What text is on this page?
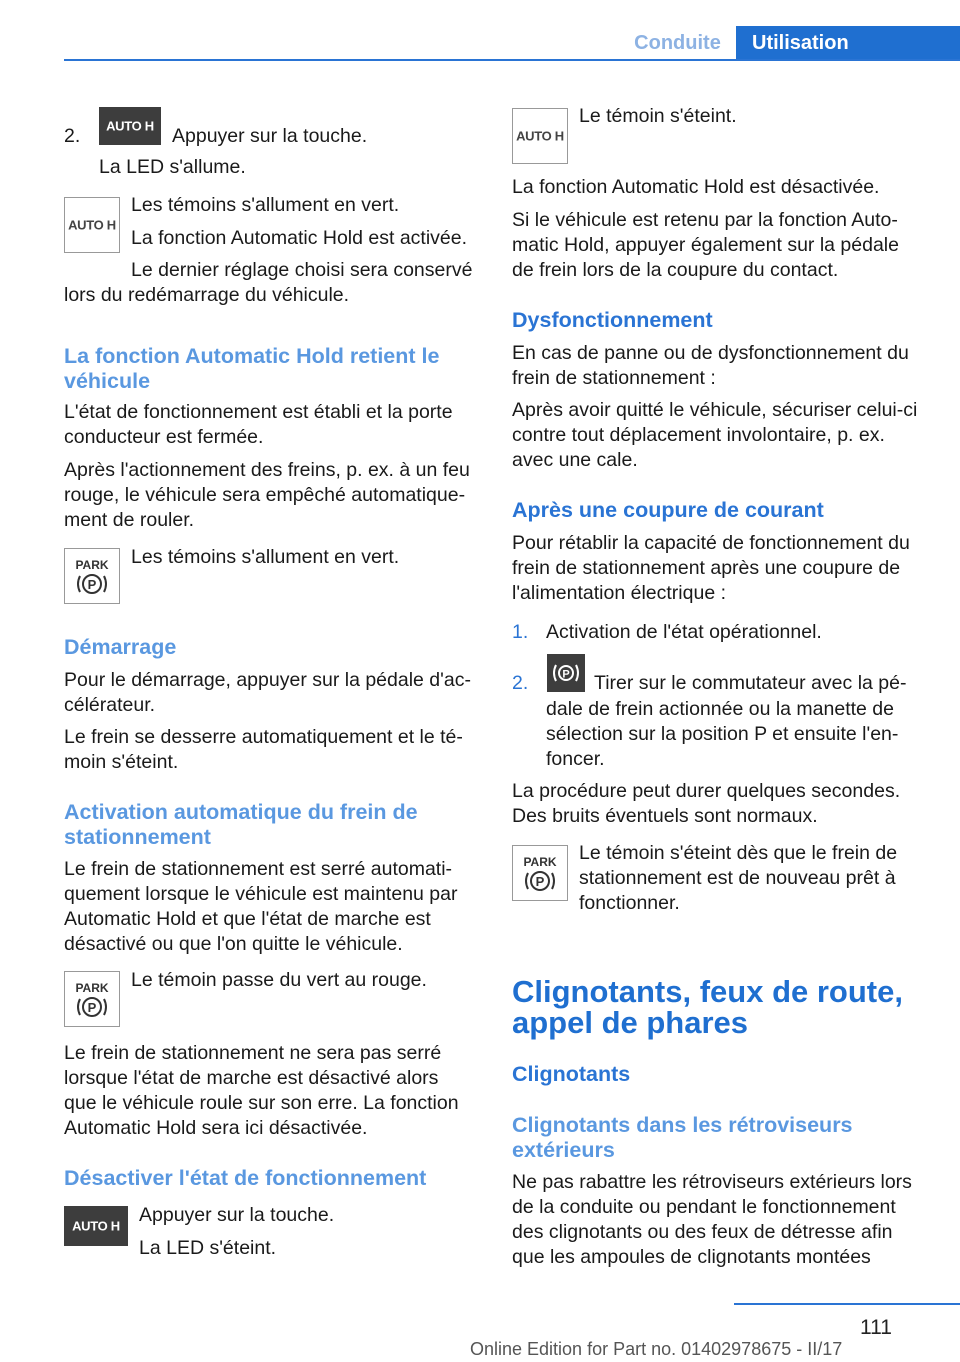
Conduite	Utilisation
2.	AUTO H Appuyer sur la touche.
La LED s'allume.
AUTO H
Les témoins s'allument en vert.
La fonction Automatic Hold est activée.
Le dernier réglage choisi sera conservé
lors du redémarrage du véhicule.
La fonction Automatic Hold retient le
véhicule
L'état de fonctionnement est établi et la porte
conducteur est fermée.
Après l'actionnement des freins, p. ex. à un feu
rouge, le véhicule sera empêché automatique‐
ment de rouler.
PARK
P
Les témoins s'allument en vert.
Démarrage
Pour le démarrage, appuyer sur la pédale d'ac‐
célérateur.
Le frein se desserre automatiquement et le té‐
moin s'éteint.
Activation automatique du frein de
stationnement
Le frein de stationnement est serré automati‐
quement lorsque le véhicule est maintenu par
Automatic Hold et que l'état de marche est
désactivé ou que l'on quitte le véhicule.
PARK
P
Le témoin passe du vert au rouge.
Le frein de stationnement ne sera pas serré
lorsque l'état de marche est désactivé alors
que le véhicule roule sur son erre. La fonction
Automatic Hold sera ici désactivée.
Désactiver l'état de fonctionnement
AUTO H Appuyer sur la touche.
La LED s'éteint.
AUTO H
Le témoin s'éteint.
La fonction Automatic Hold est désactivée.
Si le véhicule est retenu par la fonction Auto‐
matic Hold, appuyer également sur la pédale
de frein lors de la coupure du contact.
Dysfonctionnement
En cas de panne ou de dysfonctionnement du
frein de stationnement :
Après avoir quitté le véhicule, sécuriser celui-ci
contre tout déplacement involontaire, p. ex.
avec une cale.
Après une coupure de courant
Pour rétablir la capacité de fonctionnement du
frein de stationnement après une coupure de
l'alimentation électrique :
1. Activation de l'état opérationnel.
2.	P Tirer sur le commutateur avec la pé‐
dale de frein actionnée ou la manette de
sélection sur la position P et ensuite l'en‐
foncer.
La procédure peut durer quelques secondes.
Des bruits éventuels sont normaux.
PARK
P
Le témoin s'éteint dès que le frein de
stationnement est de nouveau prêt à
fonctionner.
Clignotants, feux de route,
appel de phares
Clignotants
Clignotants dans les rétroviseurs
extérieurs
Ne pas rabattre les rétroviseurs extérieurs lors
de la conduite ou pendant le fonctionnement
des clignotants ou des feux de détresse afin
que les ampoules de clignotants montées
111
Online Edition for Part no. 01402978675 - II/17
